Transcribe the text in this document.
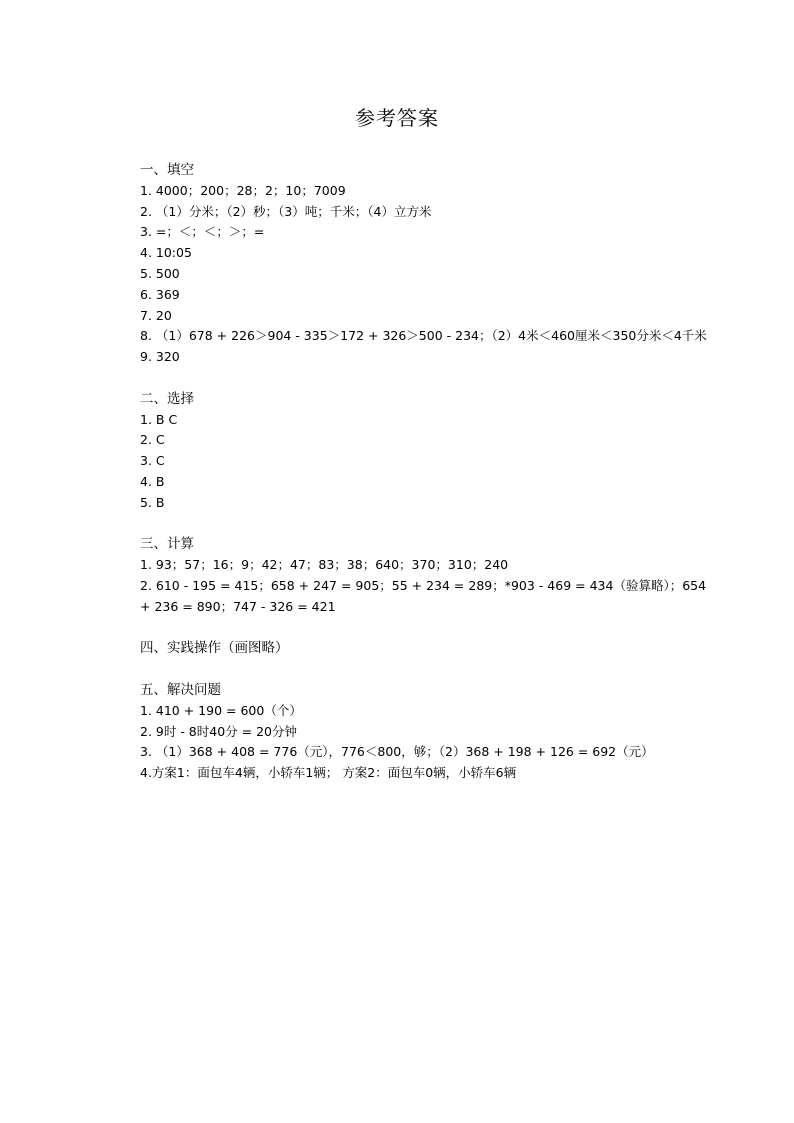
参考答案
一、填空
1. 4000；200；28；2；10；7009
2. （1）分米；（2）秒；（3）吨；千米；（4）立方米
3. =；＜；＜；＞；=
4. 10:05
5. 500
6. 369
7. 20
8. （1）678 + 226＞904 - 335＞172 + 326＞500 - 234；（2）4米＜460厘米＜350分米＜4千米
9. 320
二、选择
1. B C
2. C
3. C
4. B
5. B
三、计算
1. 93；57；16；9；42；47；83；38；640；370；310；240
2. 610 - 195 = 415；658 + 247 = 905；55 + 234 = 289；*903 - 469 = 434（验算略）；654 + 236 = 890；747 - 326 = 421
四、实践操作（画图略）
五、解决问题
1. 410 + 190 = 600（个）
2. 9时 - 8时40分 = 20分钟
3. （1）368 + 408 = 776（元），776＜800，够；（2）368 + 198 + 126 = 692（元）
4.方案1：面包车4辆，小轿车1辆； 方案2：面包车0辆，小轿车6辆
